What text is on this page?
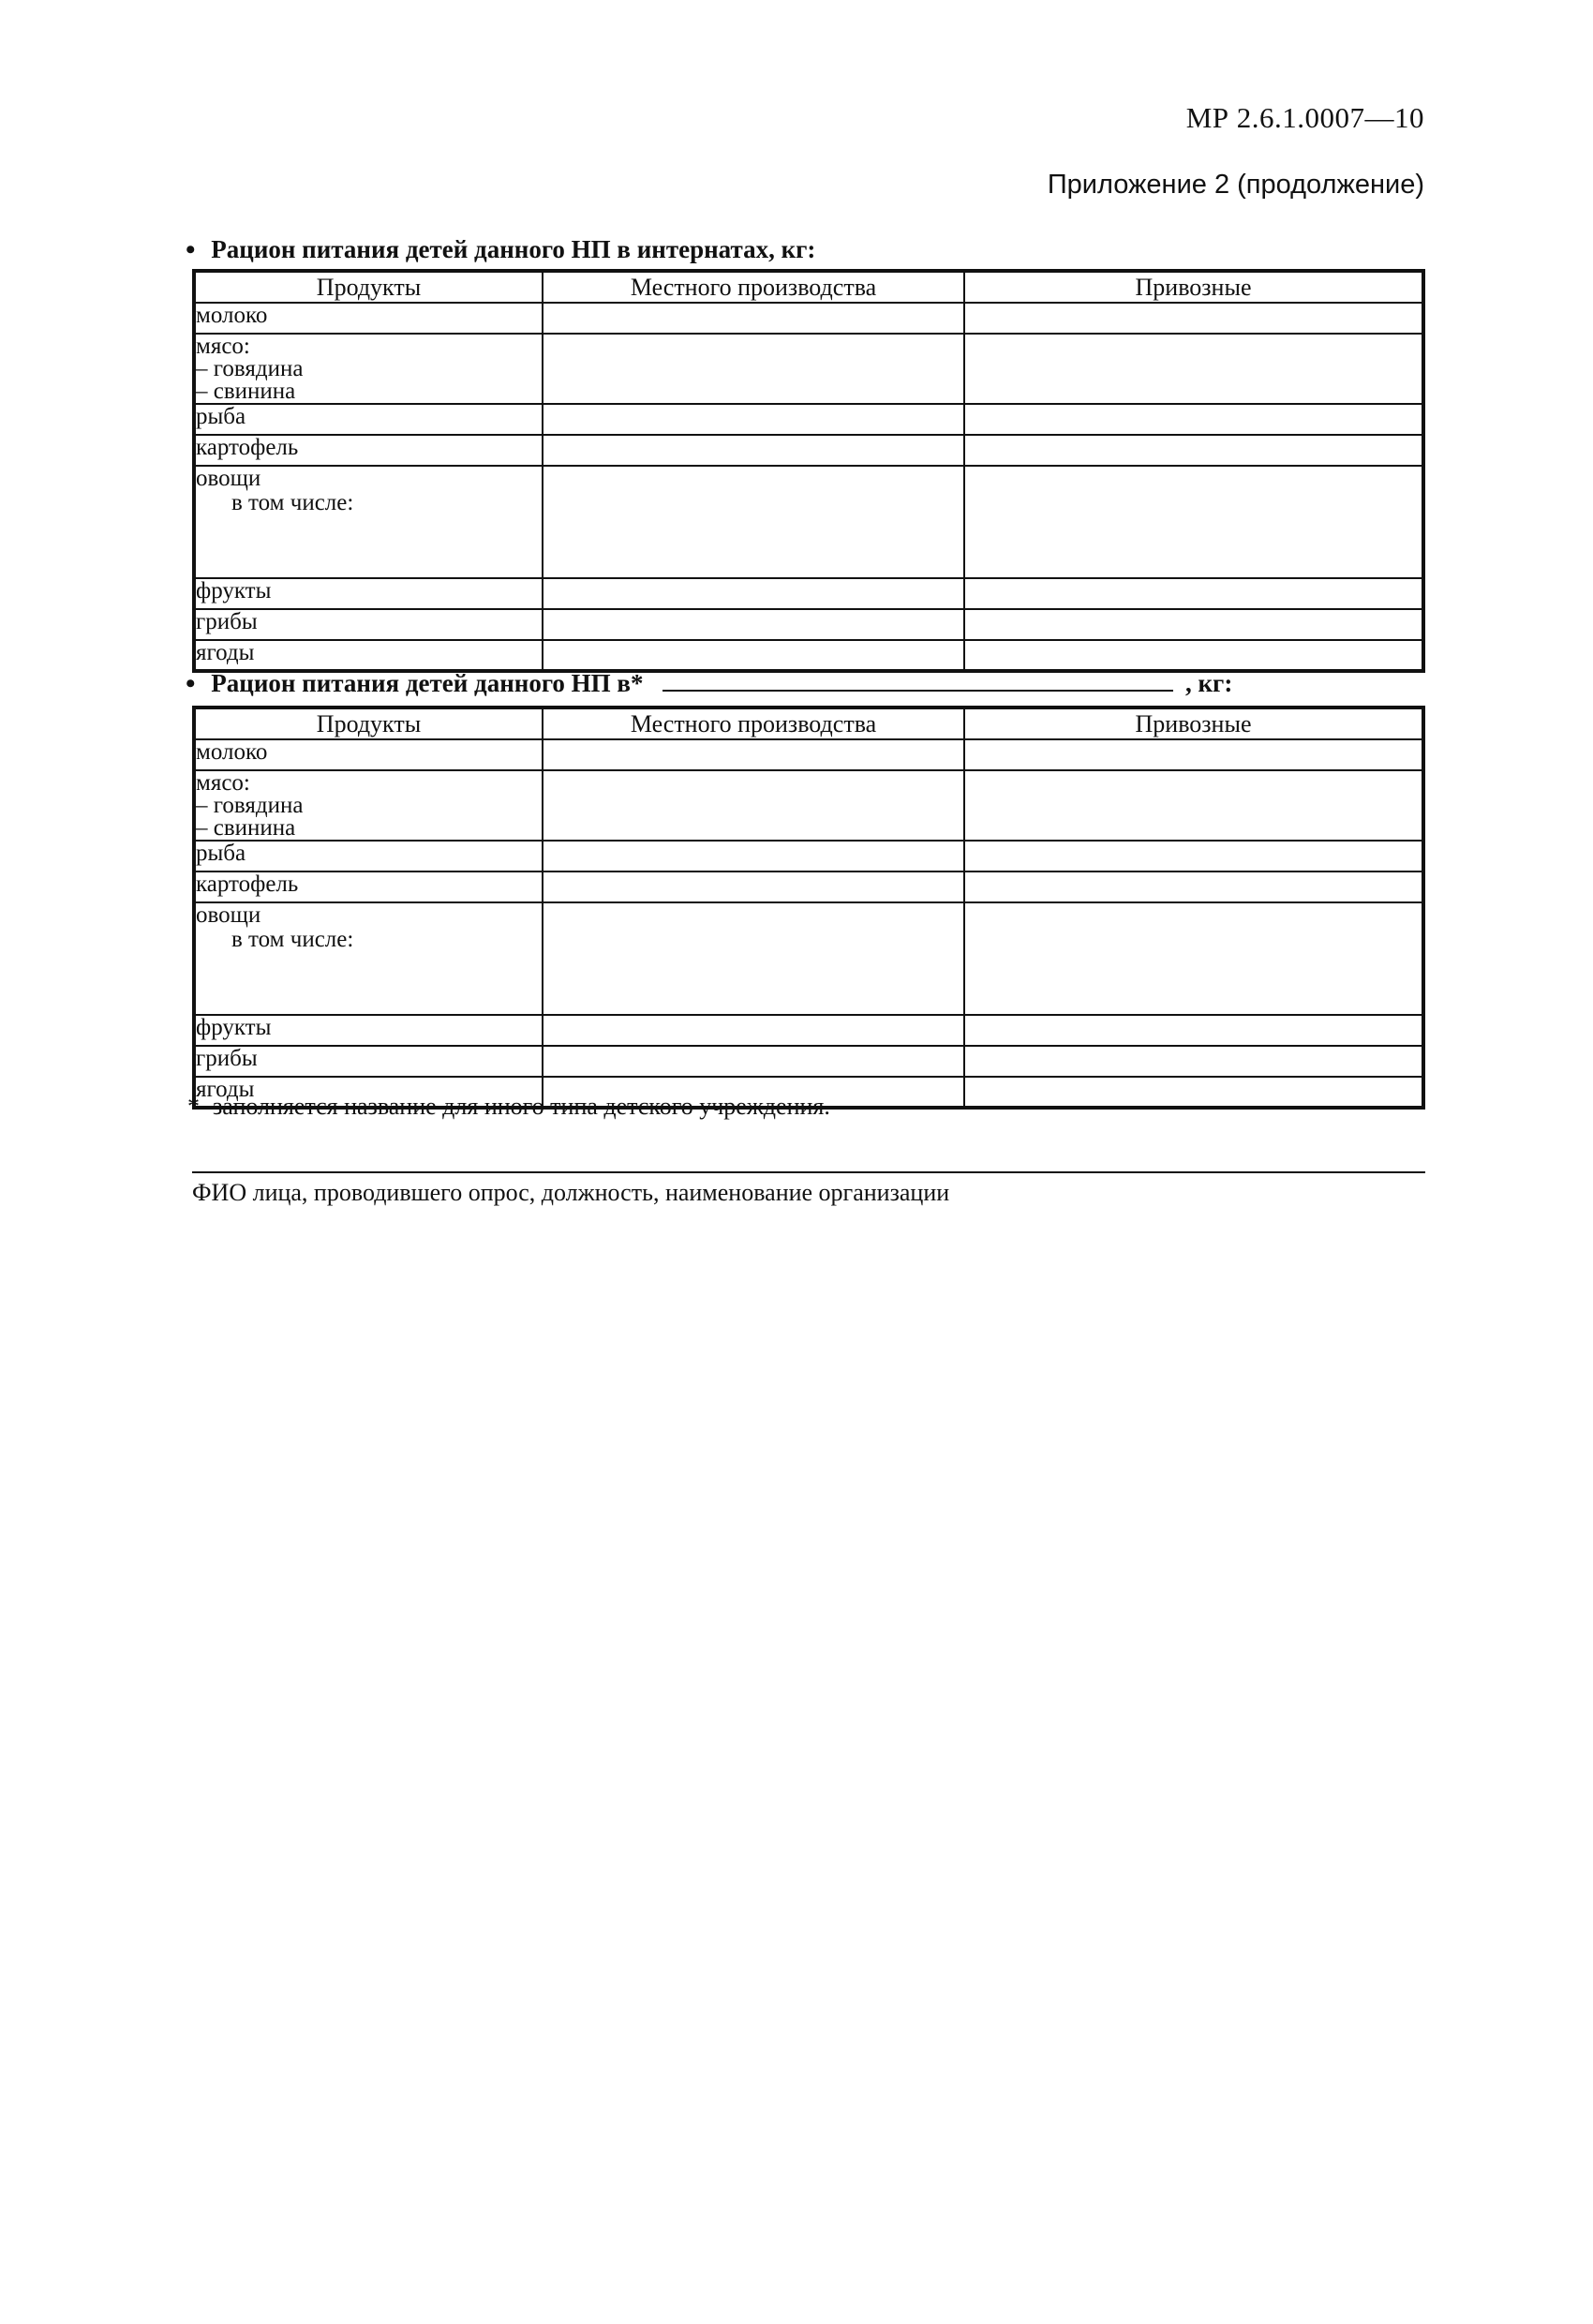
МР 2.6.1.0007—10
Приложение 2 (продолжение)
• Рацион питания детей данного НП в интернатах, кг:
Продукты	Местного производства	Привозные

молоко		

мясо:
– говядина
– свинина		

рыба		

картофель		

овощи
в том числе:		

фрукты		

грибы		

ягоды		

• Рацион питания детей данного НП в*	, кг:
Продукты	Местного производства	Привозные

молоко		

мясо:
– говядина
– свинина		

рыба		

картофель		

овощи
в том числе:		

фрукты		

грибы		

ягоды		

* заполняется название для иного типа детского учреждения.
ФИО лица, проводившего опрос, должность, наименование организации
